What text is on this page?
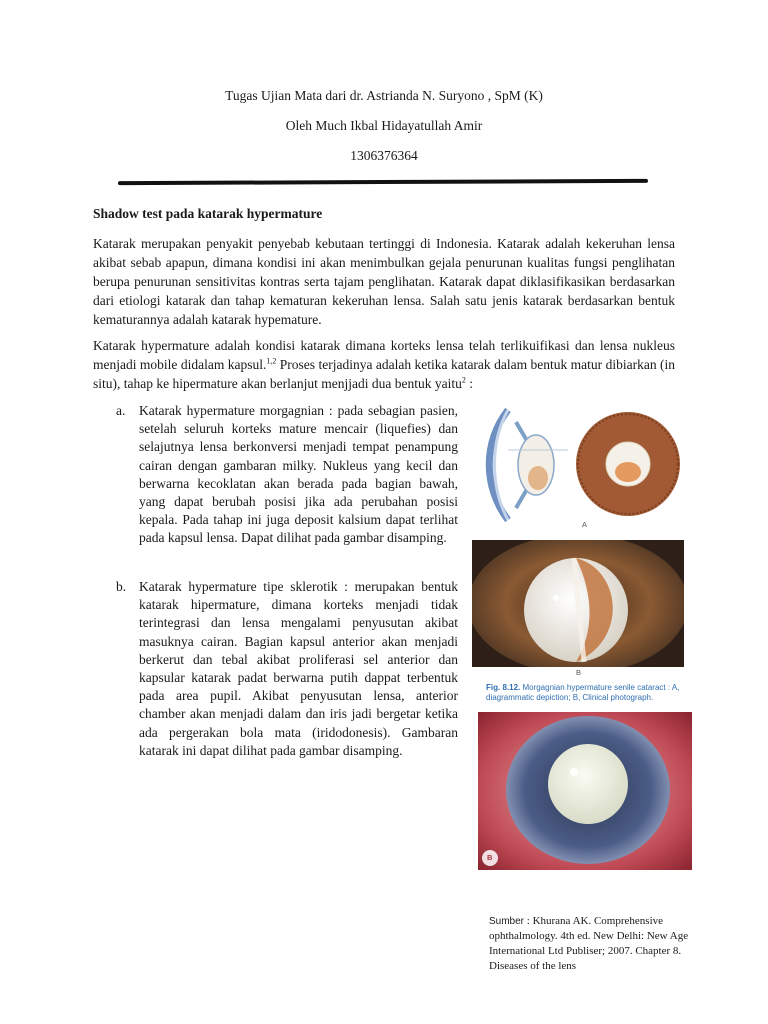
Tugas Ujian Mata dari dr. Astrianda N. Suryono , SpM (K)
Oleh Much Ikbal Hidayatullah Amir
1306376364
Shadow test pada katarak hypermature

Katarak merupakan penyakit penyebab kebutaan tertinggi di Indonesia. Katarak adalah kekeruhan lensa akibat sebab apapun, dimana kondisi ini akan menimbulkan gejala penurunan kualitas fungsi penglihatan berupa penurunan sensitivitas kontras serta tajam penglihatan. Katarak dapat diklasifikasikan berdasarkan dari etiologi katarak dan tahap kematuran kekeruhan lensa. Salah satu jenis katarak berdasarkan bentuk kematurannya adalah katarak hypemature.

Katarak hypermature adalah kondisi katarak dimana korteks lensa telah terlikuifikasi dan lensa nukleus menjadi mobile didalam kapsul.$^{1,2}$ Proses terjadinya adalah ketika katarak dalam bentuk matur dibiarkan (in situ), tahap ke hipermature akan berlanjut menjjadi dua bentuk yaitu$^2$ :

a. Katarak hypermature morgagnian : pada sebagian pasien, setelah seluruh korteks mature mencair (liquefies) dan selajutnya lensa berkonversi menjadi tempat penampung cairan dengan gambaran milky. Nukleus yang kecil dan berwarna kecoklatan akan berada pada bagian bawah, yang dapat berubah posisi jika ada perubahan posisi kepala. Pada tahap ini juga deposit kalsium dapat terlihat pada kapsul lensa. Dapat dilihat pada gambar disamping.

b. Katarak hypermature tipe sklerotik : merupakan bentuk katarak hipermature, dimana korteks menjadi tidak terintegrasi dan lensa mengalami penyusutan akibat masuknya cairan. Bagian kapsul anterior akan menjadi berkerut dan tebal akibat proliferasi sel anterior dan kapsular katarak padat berwarna putih dappat terbentuk pada area pupil. Akibat penyusutan lensa, anterior chamber akan menjadi dalam dan iris jadi bergetar ketika ada pergerakan bola mata (iridodonesis). Gambaran katarak ini dapat dilihat pada gambar disamping.

A
B
Fig. 8.12. Morgagnian hypermature senile cataract : A, diagrammatic depiction; B, Clinical photograph.
B
Sumber : Khurana AK. Comprehensive ophthalmology. 4th ed. New Delhi: New Age International Ltd Publiser; 2007. Chapter 8. Diseases of the lens
